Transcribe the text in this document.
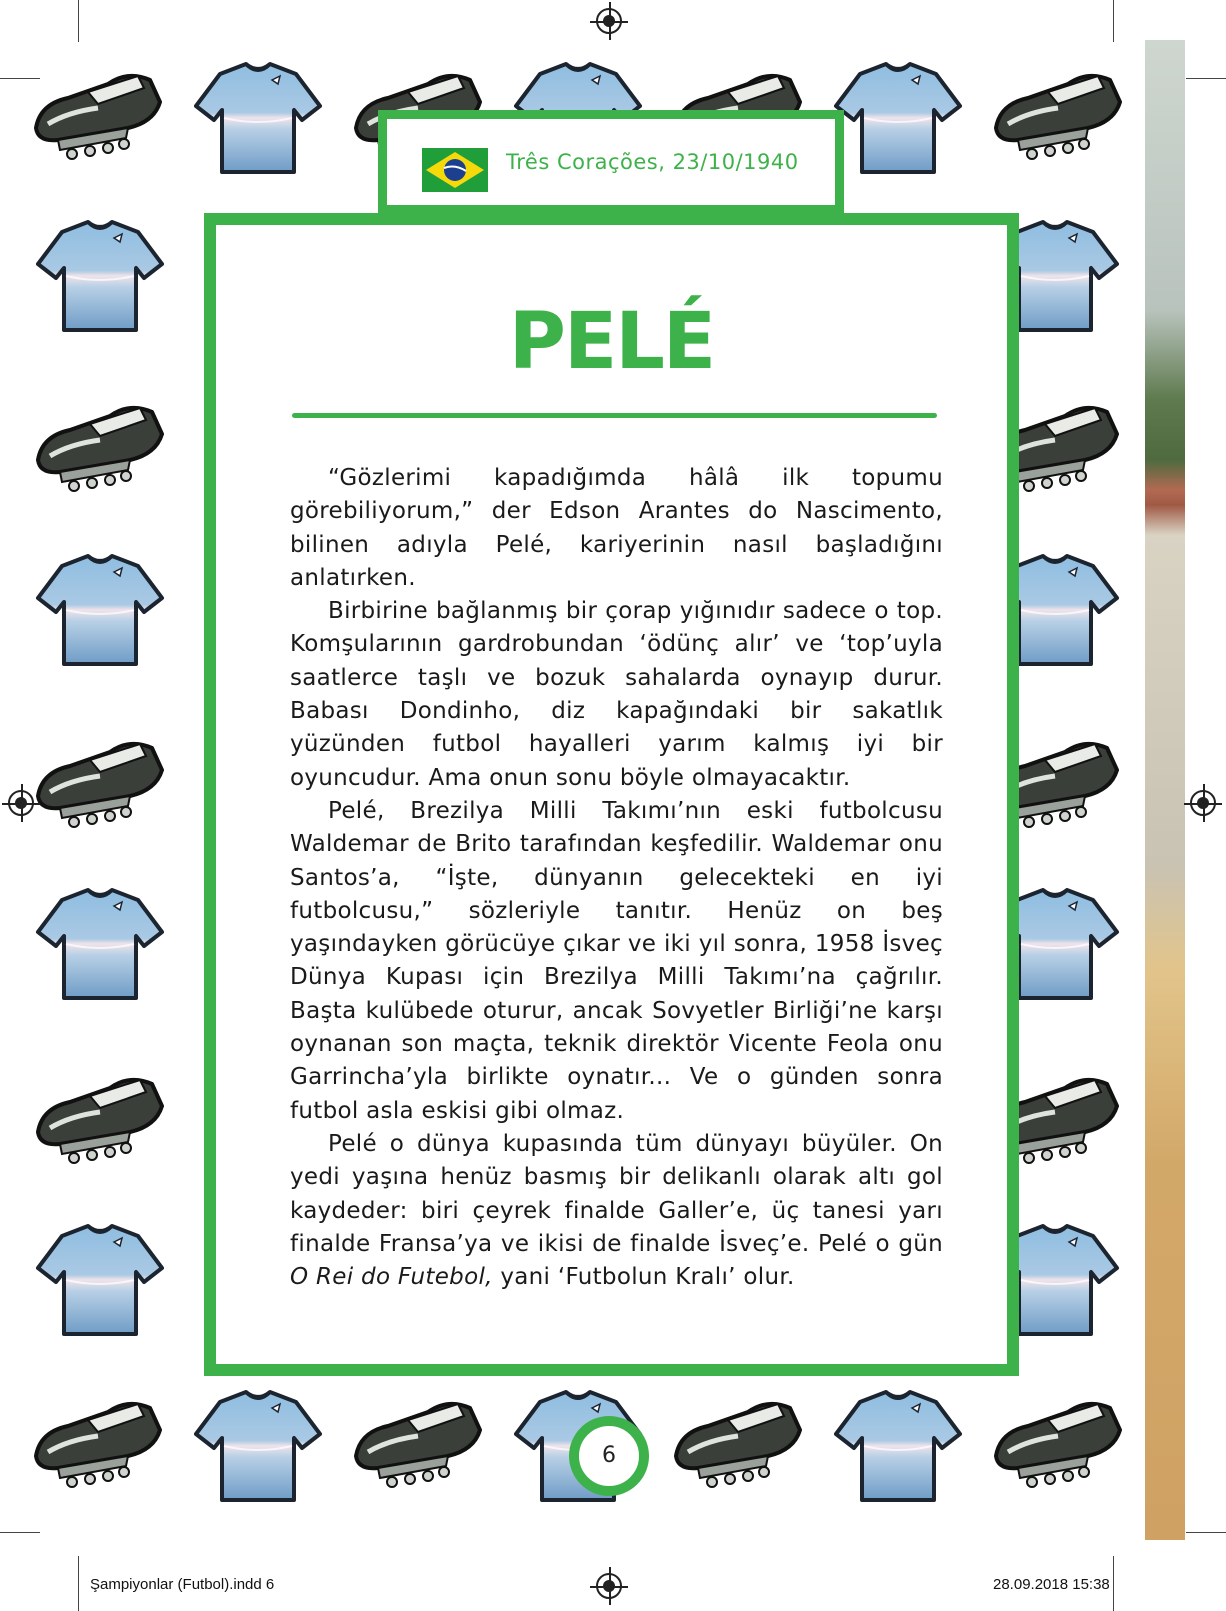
Três Corações, 23/10/1940
PELÉ

“Gözlerimi kapadığımda hâlâ ilk topumu görebiliyorum,” der Edson Arantes do Nascimento, bilinen adıyla Pelé, kariyerinin nasıl başladığını anlatırken.

Birbirine bağlanmış bir çorap yığınıdır sadece o top. Komşularının gardrobundan ‘ödünç alır’ ve ‘top’uyla saatlerce taşlı ve bozuk sahalarda oynayıp durur. Babası Dondinho, diz kapağındaki bir sakatlık yüzünden futbol hayalleri yarım kalmış iyi bir oyuncudur. Ama onun sonu böyle olmayacaktır.

Pelé, Brezilya Milli Takımı’nın eski futbolcusu Waldemar de Brito tarafından keşfedilir. Waldemar onu Santos’a, “İşte, dünyanın gelecekteki en iyi futbolcusu,” sözleriyle tanıtır. Henüz on beş yaşındayken görücüye çıkar ve iki yıl sonra, 1958 İsveç Dünya Kupası için Brezilya Milli Takımı’na çağrılır. Başta kulübede oturur, ancak Sovyetler Birliği’ne karşı oynanan son maçta, teknik direktör Vicente Feola onu Garrincha’yla birlikte oynatır... Ve o günden sonra futbol asla eskisi gibi olmaz.

Pelé o dünya kupasında tüm dünyayı büyüler. On yedi yaşına henüz basmış bir delikanlı olarak altı gol kaydeder: biri çeyrek finalde Galler’e, üç tanesi yarı finalde Fransa’ya ve ikisi de finalde İsveç’e. Pelé o gün O Rei do Futebol, yani ‘Futbolun Kralı’ olur.

6
Şampiyonlar (Futbol).indd 6	28.09.2018 15:38
